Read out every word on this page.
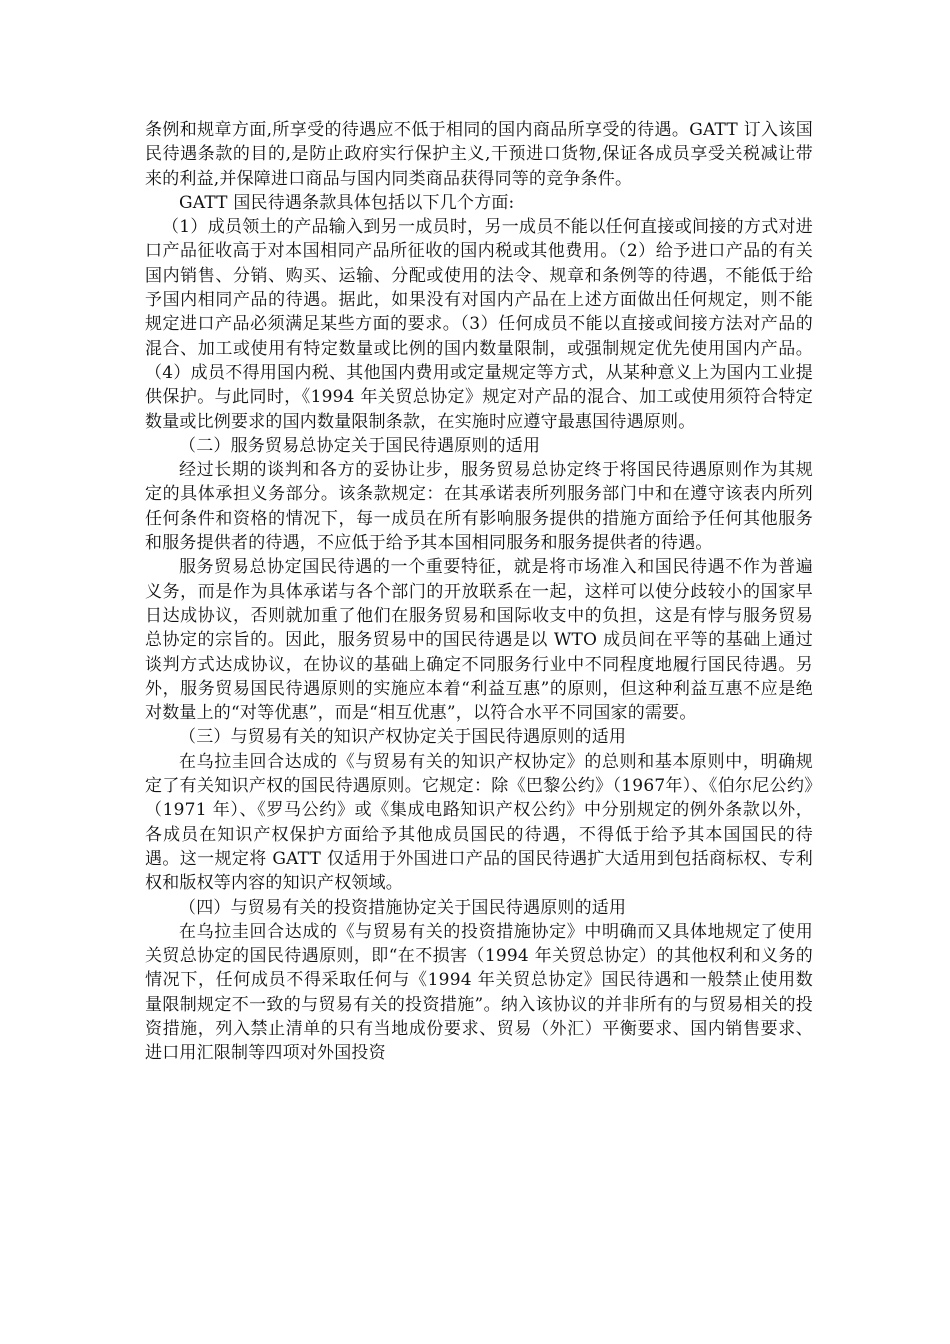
条例和规章方面,所享受的待遇应不低于相同的国内商品所享受的待遇。GATT 订入该国民待遇条款的目的,是防止政府实行保护主义,干预进口货物,保证各成员享受关税减让带来的利益,并保障进口商品与国内同类商品获得同等的竞争条件。

GATT 国民待遇条款具体包括以下几个方面:

（1）成员领土的产品输入到另一成员时，另一成员不能以任何直接或间接的方式对进口产品征收高于对本国相同产品所征收的国内税或其他费用。（2）给予进口产品的有关国内销售、分销、购买、运输、分配或使用的法令、规章和条例等的待遇，不能低于给予国内相同产品的待遇。据此，如果没有对国内产品在上述方面做出任何规定，则不能规定进口产品必须满足某些方面的要求。（3）任何成员不能以直接或间接方法对产品的混合、加工或使用有特定数量或比例的国内数量限制，或强制规定优先使用国内产品。（4）成员不得用国内税、其他国内费用或定量规定等方式，从某种意义上为国内工业提供保护。与此同时，《1994 年关贸总协定》规定对产品的混合、加工或使用须符合特定数量或比例要求的国内数量限制条款，在实施时应遵守最惠国待遇原则。

（二）服务贸易总协定关于国民待遇原则的适用

经过长期的谈判和各方的妥协让步，服务贸易总协定终于将国民待遇原则作为其规定的具体承担义务部分。该条款规定：在其承诺表所列服务部门中和在遵守该表内所列任何条件和资格的情况下，每一成员在所有影响服务提供的措施方面给予任何其他服务和服务提供者的待遇，不应低于给予其本国相同服务和服务提供者的待遇。

服务贸易总协定国民待遇的一个重要特征，就是将市场准入和国民待遇不作为普遍义务，而是作为具体承诺与各个部门的开放联系在一起，这样可以使分歧较小的国家早日达成协议，否则就加重了他们在服务贸易和国际收支中的负担，这是有悖与服务贸易总协定的宗旨的。因此，服务贸易中的国民待遇是以 WTO 成员间在平等的基础上通过谈判方式达成协议，在协议的基础上确定不同服务行业中不同程度地履行国民待遇。另外，服务贸易国民待遇原则的实施应本着“利益互惠”的原则，但这种利益互惠不应是绝对数量上的“对等优惠”，而是“相互优惠”，以符合水平不同国家的需要。

（三）与贸易有关的知识产权协定关于国民待遇原则的适用

在乌拉圭回合达成的《与贸易有关的知识产权协定》的总则和基本原则中，明确规定了有关知识产权的国民待遇原则。它规定：除《巴黎公约》（1967年）、《伯尔尼公约》（1971 年）、《罗马公约》或《集成电路知识产权公约》中分别规定的例外条款以外，各成员在知识产权保护方面给予其他成员国民的待遇，不得低于给予其本国国民的待遇。这一规定将 GATT 仅适用于外国进口产品的国民待遇扩大适用到包括商标权、专利权和版权等内容的知识产权领域。

（四）与贸易有关的投资措施协定关于国民待遇原则的适用

在乌拉圭回合达成的《与贸易有关的投资措施协定》中明确而又具体地规定了使用关贸总协定的国民待遇原则，即“在不损害（1994 年关贸总协定）的其他权利和义务的情况下，任何成员不得采取任何与《1994 年关贸总协定》国民待遇和一般禁止使用数量限制规定不一致的与贸易有关的投资措施”。纳入该协议的并非所有的与贸易相关的投资措施，列入禁止清单的只有当地成份要求、贸易（外汇）平衡要求、国内销售要求、进口用汇限制等四项对外国投资
